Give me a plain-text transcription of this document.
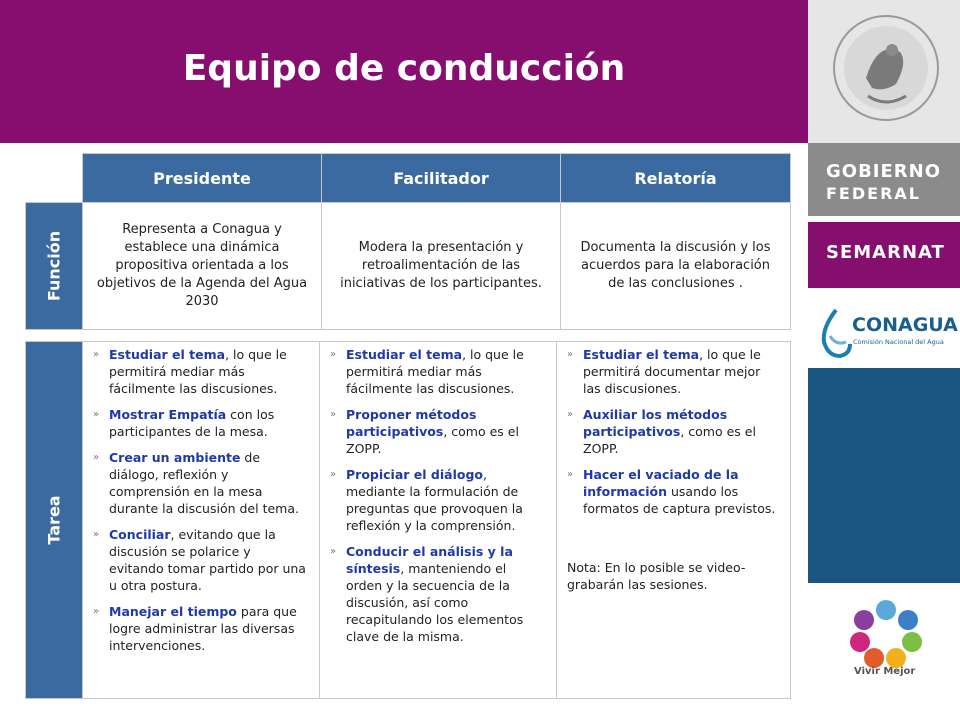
Equipo de conducción
GOBIERNO
FEDERAL
SEMARNAT
CONAGUA
Comisión Nacional del Agua
Vivir Mejor
	Presidente	Facilitador	Relatoría

Función	Representa a Conagua y establece una dinámica propositiva orientada a los objetivos de la Agenda del Agua 2030	Modera la presentación y retroalimentación de las iniciativas de los participantes.	Documenta la discusión y los acuerdos para la elaboración de las conclusiones .
Tarea

» Estudiar el tema, lo que le permitirá mediar más fácilmente las discusiones.
» Mostrar Empatía con los participantes de la mesa.
» Crear un ambiente de diálogo, reflexión y comprensión en la mesa durante la discusión del tema.
» Conciliar, evitando que la discusión se polarice y evitando tomar partido por una u otra postura.
» Manejar el tiempo para que logre administrar las diversas intervenciones.

» Estudiar el tema, lo que le permitirá mediar más fácilmente las discusiones.
» Proponer métodos participativos, como es el ZOPP.
» Propiciar el diálogo, mediante la formulación de preguntas que provoquen la reflexión y la comprensión.
» Conducir el análisis y la síntesis, manteniendo el orden y la secuencia de la discusión, así como recapitulando los elementos clave de la misma.

» Estudiar el tema, lo que le permitirá documentar mejor las discusiones.
» Auxiliar los métodos participativos, como es el ZOPP.
» Hacer el vaciado de la información usando los formatos de captura previstos.
Nota: En lo posible se video-grabarán las sesiones.
